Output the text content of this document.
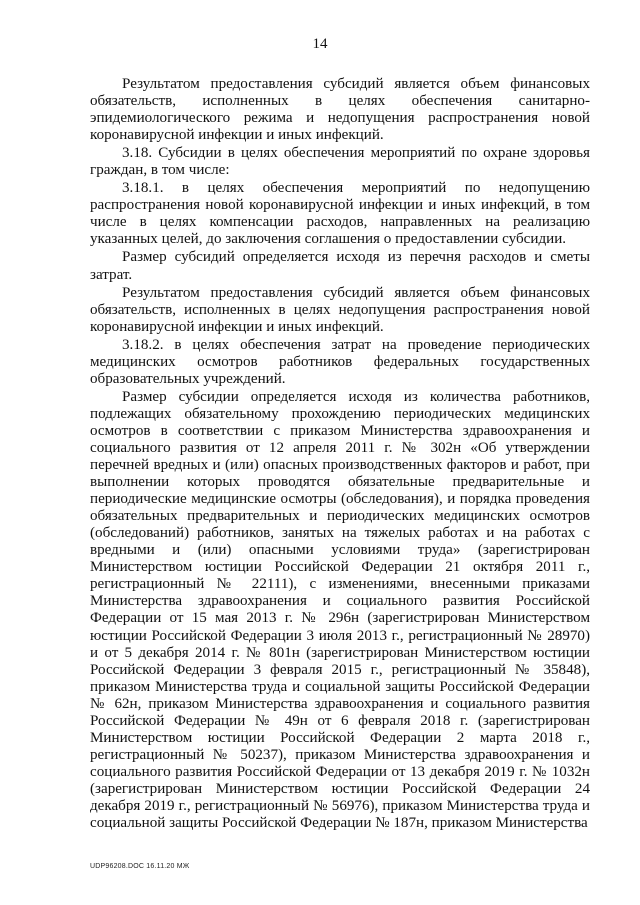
14

Результатом предоставления субсидий является объем финансовых обязательств, исполненных в целях обеспечения санитарно-эпидемиологического режима и недопущения распространения новой коронавирусной инфекции и иных инфекций.

3.18. Субсидии в целях обеспечения мероприятий по охране здоровья граждан, в том числе:

3.18.1. в целях обеспечения мероприятий по недопущению распространения новой коронавирусной инфекции и иных инфекций, в том числе в целях компенсации расходов, направленных на реализацию указанных целей, до заключения соглашения о предоставлении субсидии.

Размер субсидий определяется исходя из перечня расходов и сметы затрат.

Результатом предоставления субсидий является объем финансовых обязательств, исполненных в целях недопущения распространения новой коронавирусной инфекции и иных инфекций.

3.18.2. в целях обеспечения затрат на проведение периодических медицинских осмотров работников федеральных государственных образовательных учреждений.

Размер субсидии определяется исходя из количества работников, подлежащих обязательному прохождению периодических медицинских осмотров в соответствии с приказом Министерства здравоохранения и социального развития от 12 апреля 2011 г. № 302н «Об утверждении перечней вредных и (или) опасных производственных факторов и работ, при выполнении которых проводятся обязательные предварительные и периодические медицинские осмотры (обследования), и порядка проведения обязательных предварительных и периодических медицинских осмотров (обследований) работников, занятых на тяжелых работах и на работах с вредными и (или) опасными условиями труда» (зарегистрирован Министерством юстиции Российской Федерации 21 октября 2011 г., регистрационный № 22111), с изменениями, внесенными приказами Министерства здравоохранения и социального развития Российской Федерации от 15 мая 2013 г. № 296н (зарегистрирован Министерством юстиции Российской Федерации 3 июля 2013 г., регистрационный № 28970) и от 5 декабря 2014 г. № 801н (зарегистрирован Министерством юстиции Российской Федерации 3 февраля 2015 г., регистрационный № 35848), приказом Министерства труда и социальной защиты Российской Федерации № 62н, приказом Министерства здравоохранения и социального развития Российской Федерации № 49н от 6 февраля 2018 г. (зарегистрирован Министерством юстиции Российской Федерации 2 марта 2018 г., регистрационный № 50237), приказом Министерства здравоохранения и социального развития Российской Федерации от 13 декабря 2019 г. № 1032н (зарегистрирован Министерством юстиции Российской Федерации 24 декабря 2019 г., регистрационный № 56976), приказом Министерства труда и социальной защиты Российской Федерации № 187н, приказом Министерства

UDP96208.DOC 16.11.20 МЖ
